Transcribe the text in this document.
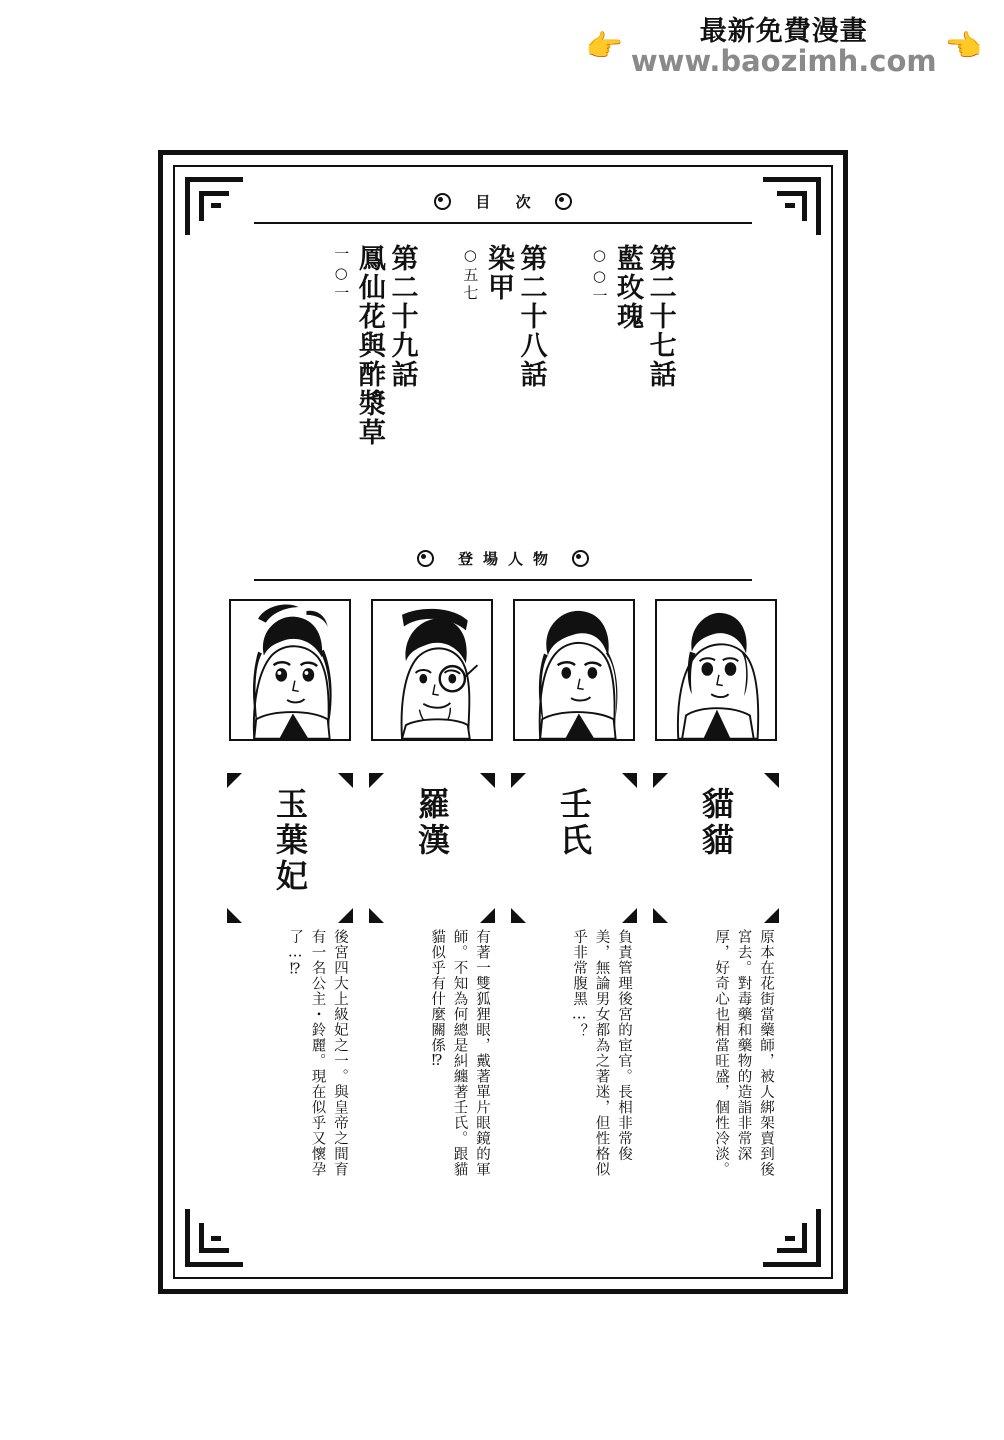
👉	最新免費漫畫
www.baozimh.com 👈
目 次
第二十七話
藍玫瑰
○○一
第二十八話
染甲
○五七
第二十九話
鳳仙花與酢漿草
一○一
登場人物
貓貓
壬氏
羅漢
玉葉妃
原本在花街當藥師，被人綁架賣到後宮去。對毒藥和藥物的造詣非常深厚，好奇心也相當旺盛，個性冷淡。
負責管理後宮的宦官。長相非常俊美，無論男女都為之著迷，但性格似乎非常腹黑…？
有著一雙狐狸眼，戴著單片眼鏡的軍師。不知為何總是糾纏著壬氏。跟貓貓似乎有什麼關係⁉
後宮四大上級妃之一。與皇帝之間育有一名公主・鈴麗。現在似乎又懷孕了…⁉
